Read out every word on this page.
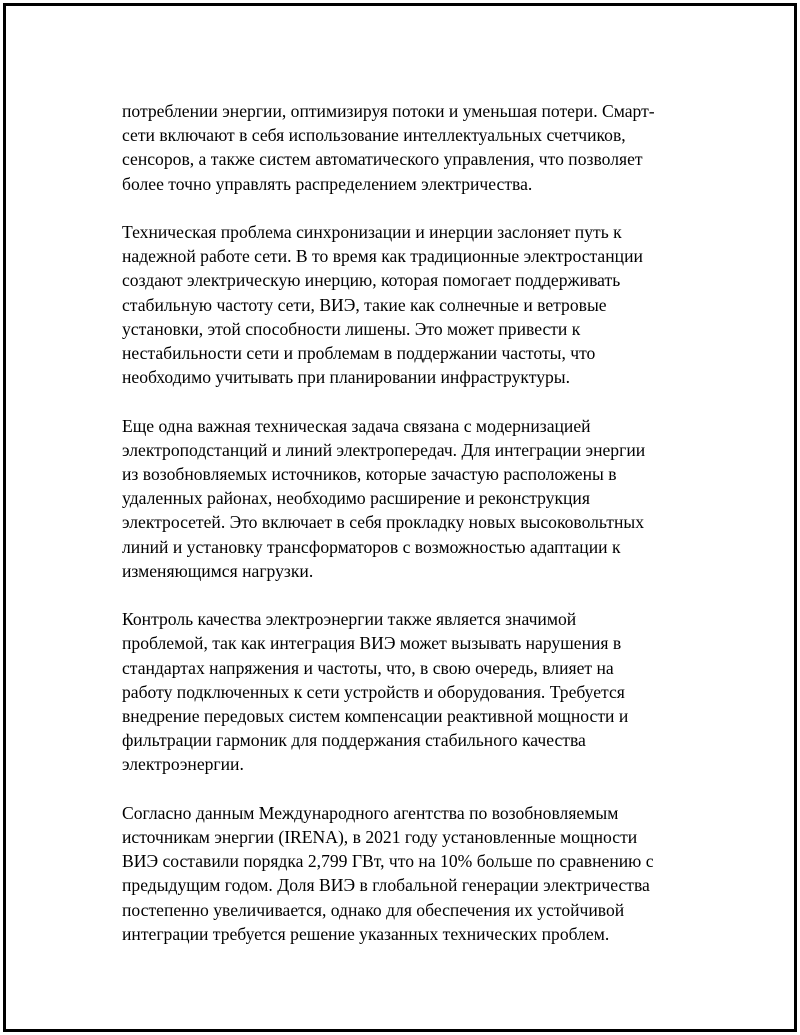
потреблении энергии, оптимизируя потоки и уменьшая потери. Смарт-
сети включают в себя использование интеллектуальных счетчиков,
сенсоров, а также систем автоматического управления, что позволяет
более точно управлять распределением электричества.

Техническая проблема синхронизации и инерции заслоняет путь к
надежной работе сети. В то время как традиционные электростанции
создают электрическую инерцию, которая помогает поддерживать
стабильную частоту сети, ВИЭ, такие как солнечные и ветровые
установки, этой способности лишены. Это может привести к
нестабильности сети и проблемам в поддержании частоты, что
необходимо учитывать при планировании инфраструктуры.

Еще одна важная техническая задача связана с модернизацией
электроподстанций и линий электропередач. Для интеграции энергии
из возобновляемых источников, которые зачастую расположены в
удаленных районах, необходимо расширение и реконструкция
электросетей. Это включает в себя прокладку новых высоковольтных
линий и установку трансформаторов с возможностью адаптации к
изменяющимся нагрузки.

Контроль качества электроэнергии также является значимой
проблемой, так как интеграция ВИЭ может вызывать нарушения в
стандартах напряжения и частоты, что, в свою очередь, влияет на
работу подключенных к сети устройств и оборудования. Требуется
внедрение передовых систем компенсации реактивной мощности и
фильтрации гармоник для поддержания стабильного качества
электроэнергии.

Согласно данным Международного агентства по возобновляемым
источникам энергии (IRENA), в 2021 году установленные мощности
ВИЭ составили порядка 2,799 ГВт, что на 10% больше по сравнению с
предыдущим годом. Доля ВИЭ в глобальной генерации электричества
постепенно увеличивается, однако для обеспечения их устойчивой
интеграции требуется решение указанных технических проблем.
